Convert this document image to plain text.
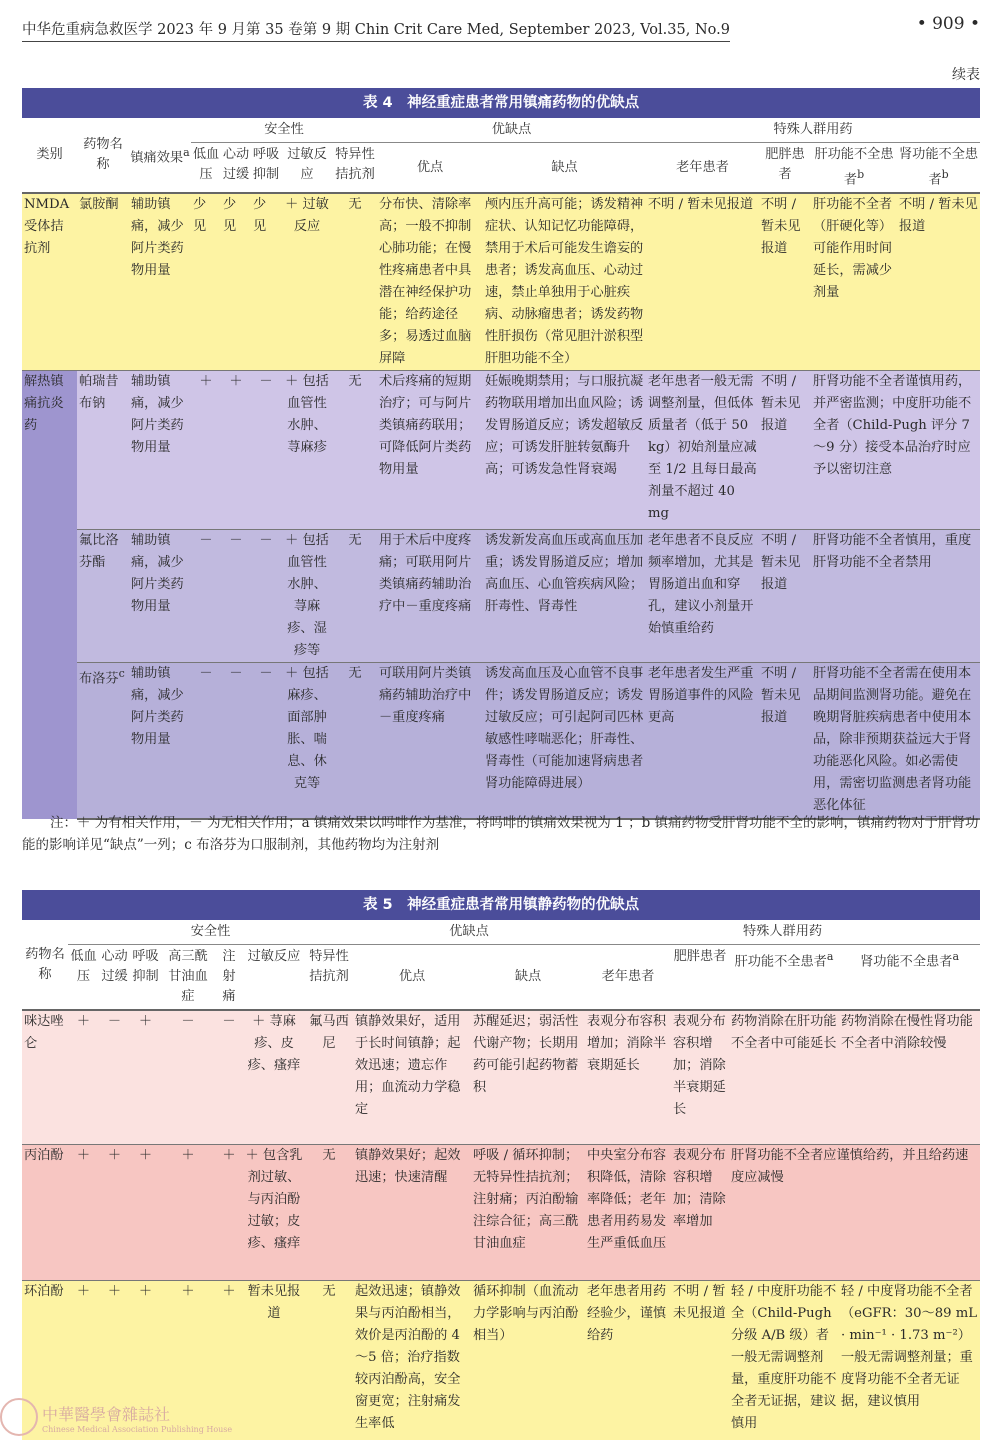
中华危重病急救医学 2023 年 9 月第 35 卷第 9 期 Chin Crit Care Med, September 2023, Vol.35, No.9	• 909 •
续表
表 4　神经重症患者常用镇痛药物的优缺点													
类别	药物名称	镇痛效果$^a$	安全性					优缺点		特殊人群用药			
			低血压	心动过缓	呼吸抑制	过敏反应	特异性拮抗剂	优点	缺点	老年患者	肥胖患者	肝功能不全患者$^b$	肾功能不全患者$^b$
NMDA 受体拮抗剂	氯胺酮	辅助镇痛，减少阿片类药物用量	少见	少见	少见	＋ 过敏反应	无	分布快、清除率高；一般不抑制心肺功能；在慢性疼痛患者中具潜在神经保护功能；给药途径多；易透过血脑屏障	颅内压升高可能；诱发精神症状、认知记忆功能障碍，禁用于术后可能发生谵妄的患者；诱发高血压、心动过速，禁止单独用于心脏疾病、动脉瘤患者；诱发药物性肝损伤（常见胆汁淤积型肝胆功能不全）	不明 / 暂未见报道	不明 / 暂未见报道	肝功能不全者（肝硬化等）可能作用时间延长，需减少剂量	不明 / 暂未见报道
解热镇痛抗炎药	帕瑞昔布钠	辅助镇痛，减少阿片类药物用量	＋	＋	－	＋ 包括血管性水肿、荨麻疹	无	术后疼痛的短期治疗；可与阿片类镇痛药联用；可降低阿片类药物用量	妊娠晚期禁用；与口服抗凝药物联用增加出血风险；诱发胃肠道反应；诱发超敏反应；可诱发肝脏转氨酶升高；可诱发急性肾衰竭	老年患者一般无需调整剂量，但低体质量者（低于 50 kg）初始剂量应减至 1/2 且每日最高剂量不超过 40 mg	不明 / 暂未见报道	肝肾功能不全者谨慎用药，并严密监测；中度肝功能不全者（Child-Pugh 评分 7～9 分）接受本品治疗时应予以密切注意	
	氟比洛芬酯	辅助镇痛，减少阿片类药物用量	－	－	－	＋ 包括血管性水肿、荨麻疹、湿疹等	无	用于术后中度疼痛；可联用阿片类镇痛药辅助治疗中－重度疼痛	诱发新发高血压或高血压加重；诱发胃肠道反应；增加高血压、心血管疾病风险；肝毒性、肾毒性	老年患者不良反应频率增加，尤其是胃肠道出血和穿孔，建议小剂量开始慎重给药	不明 / 暂未见报道	肝肾功能不全者慎用，重度肝肾功能不全者禁用	
	布洛芬$^c$	辅助镇痛，减少阿片类药物用量	－	－	－	＋ 包括麻疹、面部肿胀、喘息、休克等	无	可联用阿片类镇痛药辅助治疗中－重度疼痛	诱发高血压及心血管不良事件；诱发胃肠道反应；诱发过敏反应；可引起阿司匹林敏感性哮喘恶化；肝毒性、肾毒性（可能加速肾病患者肾功能障碍进展）	老年患者发生严重胃肠道事件的风险更高	不明 / 暂未见报道	肝肾功能不全者需在使用本品期间监测肾功能。避免在晚期肾脏疾病患者中使用本品，除非预期获益远大于肾功能恶化风险。如必需使用，需密切监测患者肾功能恶化体征	
注：＋ 为有相关作用，－ 为无相关作用；a 镇痛效果以吗啡作为基准，将吗啡的镇痛效果视为 1 ；b 镇痛药物受肝肾功能不全的影响，镇痛药物对于肝肾功能的影响详见“缺点”一列；c 布洛芬为口服制剂，其他药物均为注射剂
表 5　神经重症患者常用镇静药物的优缺点													
药物名称	安全性							优缺点		特殊人群用药			
	低血压	心动过缓	呼吸抑制	高三酰甘油血症	注射痛	过敏反应	特异性拮抗剂	优点	缺点	老年患者	肥胖患者	肝功能不全患者$^a$	肾功能不全患者$^a$
咪达唑仑	＋	－	＋	－	－	＋ 荨麻疹、皮疹、瘙痒	氟马西尼	镇静效果好，适用于长时间镇静；起效迅速；遗忘作用；血流动力学稳定	苏醒延迟；弱活性代谢产物；长期用药可能引起药物蓄积	表观分布容积增加；消除半衰期延长	表观分布容积增加；消除半衰期延长	药物消除在肝功能不全者中可能延长	药物消除在慢性肾功能不全者中消除较慢
丙泊酚	＋	＋	＋	＋	＋	＋ 包含乳剂过敏、与丙泊酚过敏；皮疹、瘙痒	无	镇静效果好；起效迅速；快速清醒	呼吸 / 循环抑制；无特异性拮抗剂；注射痛；丙泊酚输注综合征；高三酰甘油血症	中央室分布容积降低，清除率降低；老年患者用药易发生严重低血压	表观分布容积增加；清除率增加	肝肾功能不全者应谨慎给药，并且给药速度应减慢	
环泊酚	＋	＋	＋	＋	＋	暂未见报道	无	起效迅速；镇静效果与丙泊酚相当，效价是丙泊酚的 4～5 倍；治疗指数较丙泊酚高，安全窗更宽；注射痛发生率低	循环抑制（血流动力学影响与丙泊酚相当）	老年患者用药经验少，谨慎给药	不明 / 暂未见报道	轻 / 中度肝功能不全（Child-Pugh 分级 A/B 级）者一般无需调整剂量，重度肝功能不全者无证据，建议慎用	轻 / 中度肾功能不全者（eGFR：30～89 mL · min⁻¹ · 1.73 m⁻²）一般无需调整剂量；重度肾功能不全者无证据，建议慎用
中華醫學會雜誌社
Chinese Medical Association Publishing House
